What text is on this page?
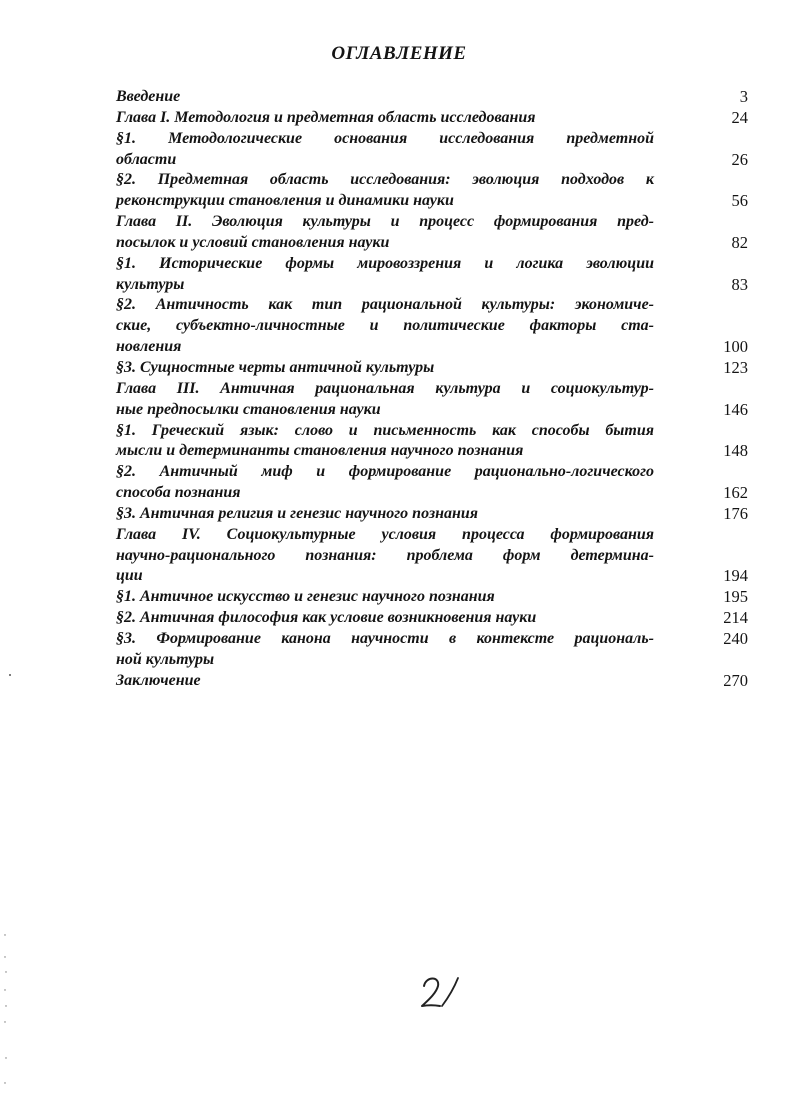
ОГЛАВЛЕНИЕ
Введение	3
Глава I. Методология и предметная область исследования	24
§1. Методологические основания исследования предметной
области	26
§2. Предметная область исследования: эволюция подходов к
реконструкции становления и динамики науки	56
Глава II. Эволюция культуры и процесс формирования пред-
посылок и условий становления науки	82
§1. Исторические формы мировоззрения и логика эволюции
культуры	83
§2. Античность как тип рациональной культуры: экономиче-
ские, субъектно-личностные и политические факторы ста-
новления	100
§3. Сущностные черты античной культуры	123
Глава III. Античная рациональная культура и социокультур-
ные предпосылки становления науки	146
§1. Греческий язык: слово и письменность как способы бытия
мысли и детерминанты становления научного познания	148
§2. Античный миф и формирование рационально-логического
способа познания	162
§3. Античная религия и генезис научного познания	176
Глава IV. Социокультурные условия процесса формирования
научно-рационального познания: проблема форм детермина-
ции	194
§1. Античное искусство и генезис научного познания	195
§2. Античная философия как условие возникновения науки	214
§3. Формирование канона научности в контексте рациональ-	240
ной культуры
Заключение	270
